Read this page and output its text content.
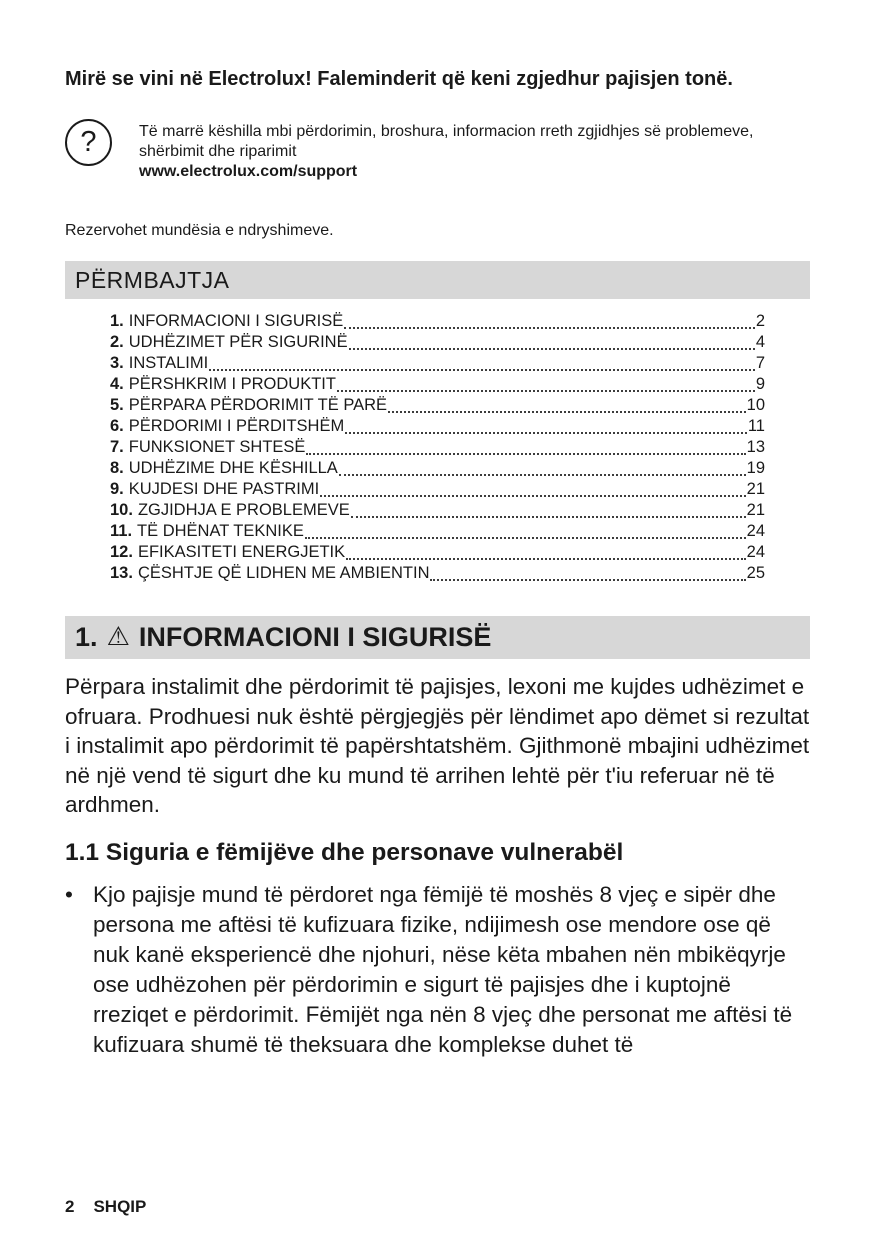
Mirë se vini në Electrolux! Faleminderit që keni zgjedhur pajisjen tonë.
?	Të marrë këshilla mbi përdorimin, broshura, informacion rreth zgjidhjes së problemeve, shërbimit dhe riparimit
www.electrolux.com/support
Rezervohet mundësia e ndryshimeve.
PËRMBAJTJA
1. INFORMACIONI I SIGURISË	2
2. UDHËZIMET PËR SIGURINË	4
3. INSTALIMI	7
4. PËRSHKRIM I PRODUKTIT	9
5. PËRPARA PËRDORIMIT TË PARË	10
6. PËRDORIMI I PËRDITSHËM	11
7. FUNKSIONET SHTESË	13
8. UDHËZIME DHE KËSHILLA	19
9. KUJDESI DHE PASTRIMI	21
10. ZGJIDHJA E PROBLEMEVE	21
11. TË DHËNAT TEKNIKE	24
12. EFIKASITETI ENERGJETIK	24
13. ÇËSHTJE QË LIDHEN ME AMBIENTIN	25
1. ⚠ INFORMACIONI I SIGURISË

Përpara instalimit dhe përdorimit të pajisjes, lexoni me kujdes udhëzimet e ofruara. Prodhuesi nuk është përgjegjës për lëndimet apo dëmet si rezultat i instalimit apo përdorimit të papërshtatshëm. Gjithmonë mbajini udhëzimet në një vend të sigurt dhe ku mund të arrihen lehtë për t'iu referuar në të ardhmen.

1.1 Siguria e fëmijëve dhe personave vulnerabël
• Kjo pajisje mund të përdoret nga fëmijë të moshës 8 vjeç e sipër dhe persona me aftësi të kufizuara fizike, ndijimesh ose mendore ose që nuk kanë eksperiencë dhe njohuri, nëse këta mbahen nën mbikëqyrje ose udhëzohen për përdorimin e sigurt të pajisjes dhe i kuptojnë rreziqet e përdorimit. Fëmijët nga nën 8 vjeç dhe personat me aftësi të kufizuara shumë të theksuara dhe komplekse duhet të
2 SHQIP
